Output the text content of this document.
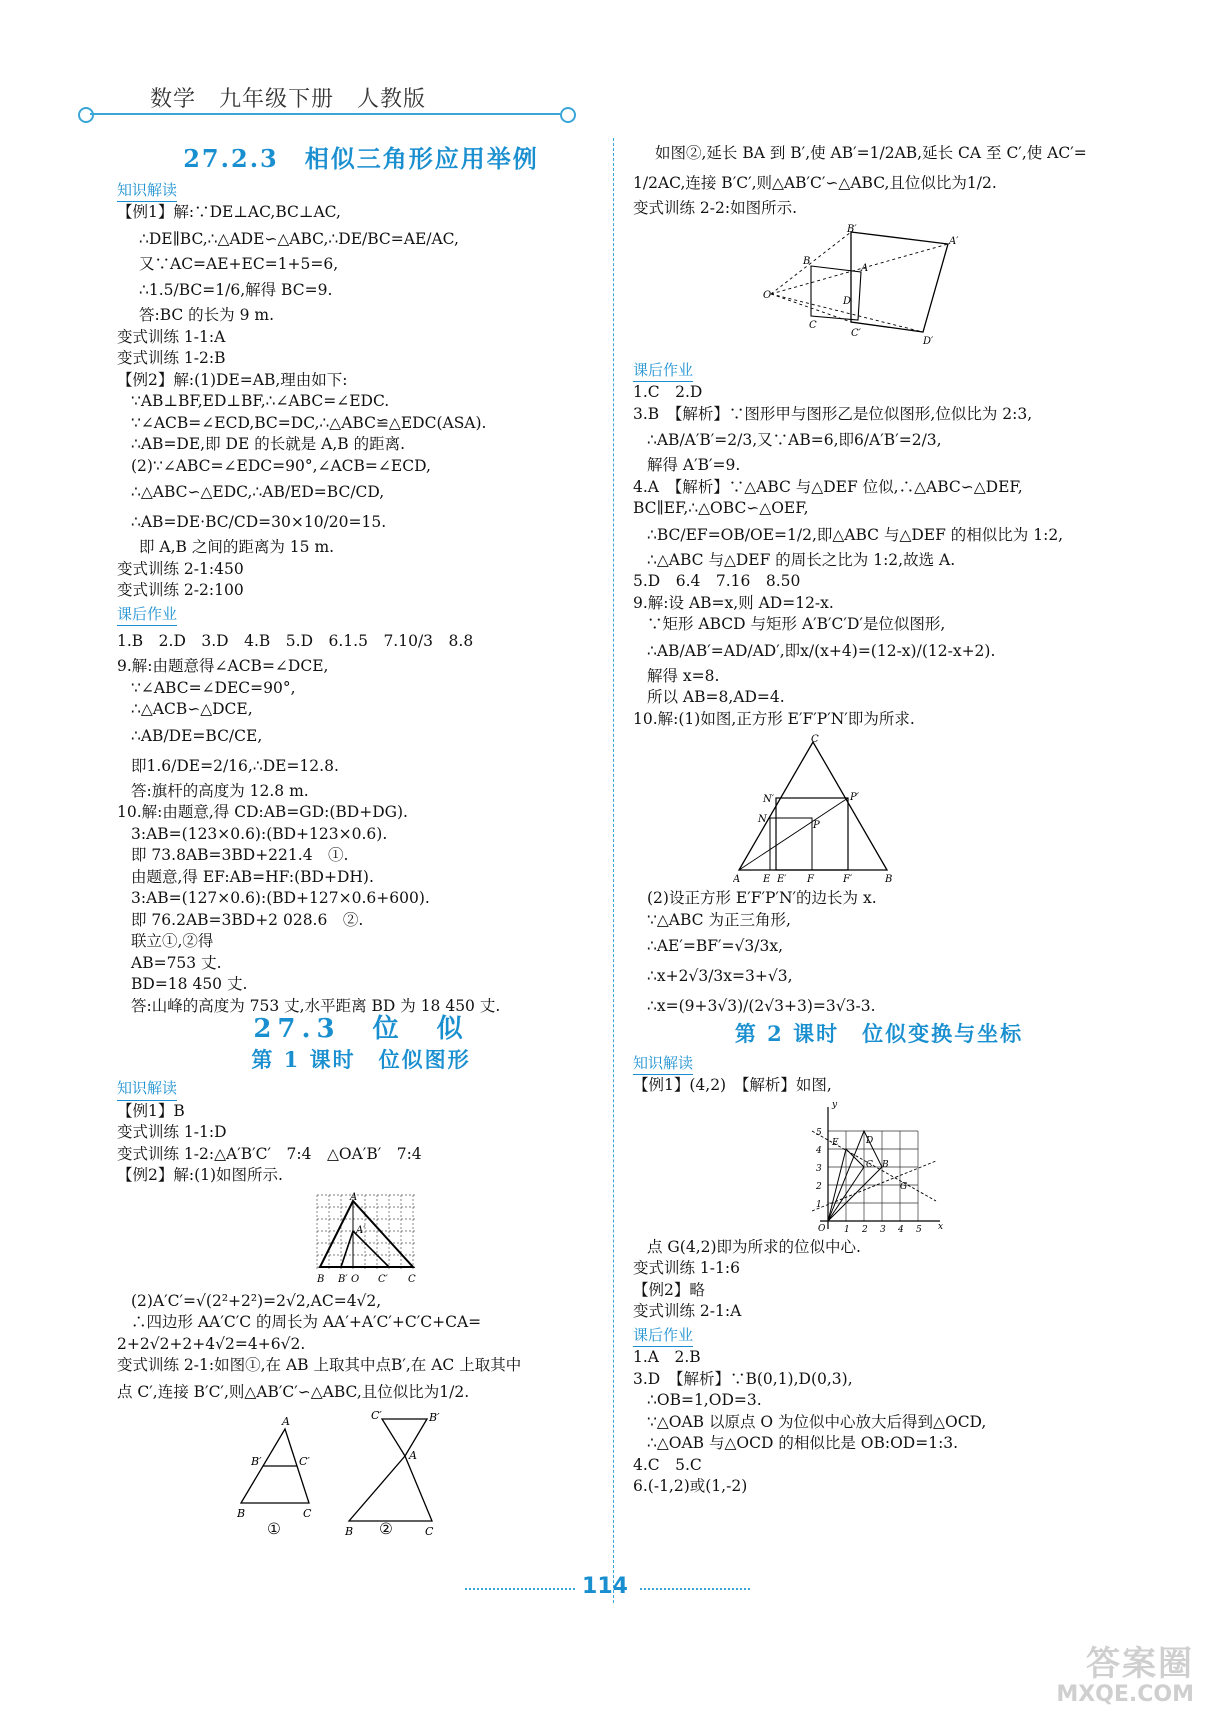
数学　九年级下册　人教版
27.2.3　相似三角形应用举例
知识解读
【例1】解:∵DE⊥AC,BC⊥AC,
∴DE∥BC,∴△ADE∽△ABC,∴DE/BC=AE/AC,
又∵AC=AE+EC=1+5=6,
∴1.5/BC=1/6,解得 BC=9.
答:BC 的长为 9 m.
变式训练 1-1:A
变式训练 1-2:B
【例2】解:(1)DE=AB,理由如下:
∵AB⊥BF,ED⊥BF,∴∠ABC=∠EDC.
∵∠ACB=∠ECD,BC=DC,∴△ABC≌△EDC(ASA).
∴AB=DE,即 DE 的长就是 A,B 的距离.
(2)∵∠ABC=∠EDC=90°,∠ACB=∠ECD,
∴△ABC∽△EDC,∴AB/ED=BC/CD,
∴AB=DE·BC/CD=30×10/20=15.
即 A,B 之间的距离为 15 m.
变式训练 2-1:450
变式训练 2-2:100
课后作业
1.B　2.D　3.D　4.B　5.D　6.1.5　7.10/3　8.8
9.解:由题意得∠ACB=∠DCE,
∵∠ABC=∠DEC=90°,
∴△ACB∽△DCE,
∴AB/DE=BC/CE,
即1.6/DE=2/16,∴DE=12.8.
答:旗杆的高度为 12.8 m.
10.解:由题意,得 CD:AB=GD:(BD+DG).
3:AB=(123×0.6):(BD+123×0.6).
即 73.8AB=3BD+221.4　①.
由题意,得 EF:AB=HF:(BD+DH).
3:AB=(127×0.6):(BD+127×0.6+600).
即 76.2AB=3BD+2 028.6　②.
联立①,②得
AB=753 丈.
BD=18 450 丈.
答:山峰的高度为 753 丈,水平距离 BD 为 18 450 丈.
27.3　位　似
第 1 课时　位似图形
知识解读
【例1】B
变式训练 1-1:D
变式训练 1-2:△A′B′C′　7:4　△OA′B′　7:4
【例2】解:(1)如图所示.
A
A′
B B′ O C′ C
(2)A′C′=√(2²+2²)=2√2,AC=4√2,
∴四边形 AA′C′C 的周长为 AA′+A′C′+C′C+CA=
2+2√2+2+4√2=4+6√2.
变式训练 2-1:如图①,在 AB 上取其中点B′,在 AC 上取其中
点 C′,连接 B′C′,则△AB′C′∽△ABC,且位似比为1/2.
A
B′	C′
B	C
C′	B′
A
B	C
①	②
如图②,延长 BA 到 B′,使 AB′=1/2AB,延长 CA 至 C′,使 AC′=
1/2AC,连接 B′C′,则△AB′C′∽△ABC,且位似比为1/2.
变式训练 2-2:如图所示.
O
B
A
D
C
B′
A′
D′
C′
课后作业
1.C　2.D
3.B　【解析】∵图形甲与图形乙是位似图形,位似比为 2:3,
∴AB/A′B′=2/3,又∵AB=6,即6/A′B′=2/3,
解得 A′B′=9.
4.A　【解析】∵△ABC 与△DEF 位似,∴△ABC∽△DEF,
BC∥EF,∴△OBC∽△OEF,
∴BC/EF=OB/OE=1/2,即△ABC 与△DEF 的相似比为 1:2,
∴△ABC 与△DEF 的周长之比为 1:2,故选 A.
5.D　6.4　7.16　8.50
9.解:设 AB=x,则 AD=12-x.
∵矩形 ABCD 与矩形 A′B′C′D′是位似图形,
∴AB/AB′=AD/AD′,即x/(x+4)=(12-x)/(12-x+2).
解得 x=8.
所以 AB=8,AD=4.
10.解:(1)如图,正方形 E′F′P′N′即为所求.
C
N′	P′
N
P
A E E′ F	F′	B
(2)设正方形 E′F′P′N′的边长为 x.
∵△ABC 为正三角形,
∴AE′=BF′=√3/3x,
∴x+2√3/3x=3+√3,
∴x=(9+3√3)/(2√3+3)=3√3-3.
第 2 课时　位似变换与坐标
知识解读
【例1】(4,2)　【解析】如图,
E	D
C B
G
O
y
x
5
4
3
2
1
1 2 3 4 5
点 G(4,2)即为所求的位似中心.
变式训练 1-1:6
【例2】略
变式训练 2-1:A
课后作业
1.A　2.B
3.D　【解析】∵B(0,1),D(0,3),
∴OB=1,OD=3.
∵△OAB 以原点 O 为位似中心放大后得到△OCD,
∴△OAB 与△OCD 的相似比是 OB:OD=1:3.
4.C　5.C
6.(-1,2)或(1,-2)
114
答案圈
MXQE.COM
